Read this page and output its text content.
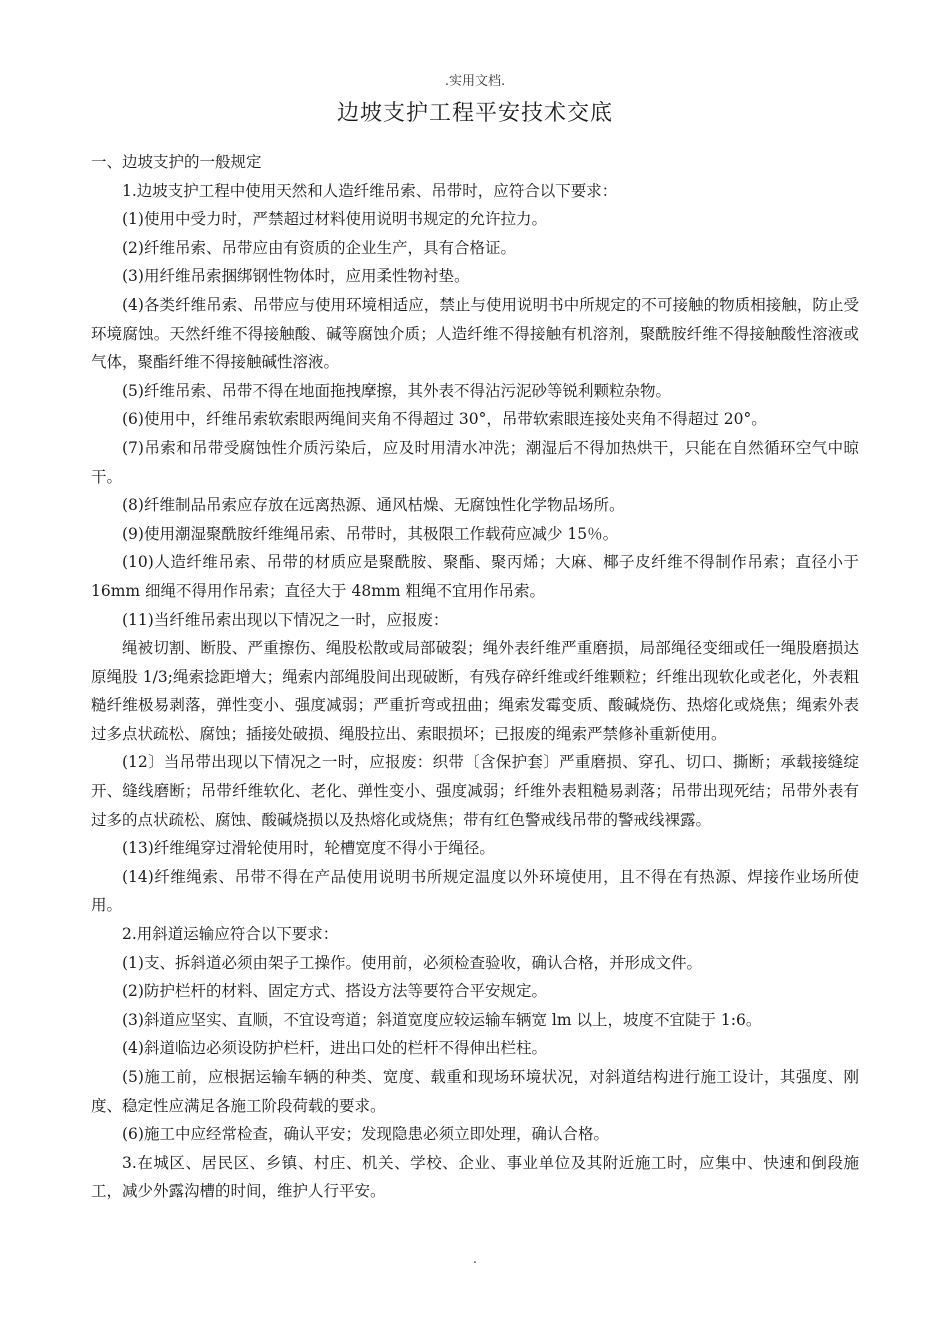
.实用文档.
边坡支护工程平安技术交底

一、边坡支护的一般规定

1.边坡支护工程中使用天然和人造纤维吊索、吊带时，应符合以下要求：

(1)使用中受力时，严禁超过材料使用说明书规定的允许拉力。

(2)纤维吊索、吊带应由有资质的企业生产，具有合格证。

(3)用纤维吊索捆绑钢性物体时，应用柔性物衬垫。

(4)各类纤维吊索、吊带应与使用环境相适应，禁止与使用说明书中所规定的不可接触的物质相接触，防止受环境腐蚀。天然纤维不得接触酸、碱等腐蚀介质；人造纤维不得接触有机溶剂，聚酰胺纤维不得接触酸性溶液或气体，聚酯纤维不得接触碱性溶液。

(5)纤维吊索、吊带不得在地面拖拽摩擦，其外表不得沾污泥砂等锐利颗粒杂物。

(6)使用中，纤维吊索软索眼两绳间夹角不得超过 30°，吊带软索眼连接处夹角不得超过 20°。

(7)吊索和吊带受腐蚀性介质污染后，应及时用清水冲洗；潮湿后不得加热烘干，只能在自然循环空气中晾干。

(8)纤维制品吊索应存放在远离热源、通风枯燥、无腐蚀性化学物品场所。

(9)使用潮湿聚酰胺纤维绳吊索、吊带时，其极限工作载荷应减少 15％。

(10)人造纤维吊索、吊带的材质应是聚酰胺、聚酯、聚丙烯；大麻、椰子皮纤维不得制作吊索；直径小于 16mm 细绳不得用作吊索；直径大于 48mm 粗绳不宜用作吊索。

(11)当纤维吊索出现以下情况之一时，应报废：

绳被切割、断股、严重擦伤、绳股松散或局部破裂；绳外表纤维严重磨损，局部绳径变细或任一绳股磨损达原绳股 1/3;绳索捻距增大；绳索内部绳股间出现破断，有残存碎纤维或纤维颗粒；纤维出现软化或老化，外表粗糙纤维极易剥落，弹性变小、强度减弱；严重折弯或扭曲；绳索发霉变质、酸碱烧伤、热熔化或烧焦；绳索外表过多点状疏松、腐蚀；插接处破损、绳股拉出、索眼损坏；已报废的绳索严禁修补重新使用。

(12〕当吊带出现以下情况之一时，应报废：织带〔含保护套〕严重磨损、穿孔、切口、撕断；承载接缝绽开、缝线磨断；吊带纤维软化、老化、弹性变小、强度减弱；纤维外表粗糙易剥落；吊带出现死结；吊带外表有过多的点状疏松、腐蚀、酸碱烧损以及热熔化或烧焦；带有红色警戒线吊带的警戒线裸露。

(13)纤维绳穿过滑轮使用时，轮槽宽度不得小于绳径。

(14)纤维绳索、吊带不得在产品使用说明书所规定温度以外环境使用，且不得在有热源、焊接作业场所使用。

2.用斜道运输应符合以下要求：

(1)支、拆斜道必须由架子工操作。使用前，必须检查验收，确认合格，并形成文件。

(2)防护栏杆的材料、固定方式、搭设方法等要符合平安规定。

(3)斜道应坚实、直顺，不宜设弯道；斜道宽度应较运输车辆宽 lm 以上，坡度不宜陡于 1:6。

(4)斜道临边必须设防护栏杆，进出口处的栏杆不得伸出栏柱。

(5)施工前，应根据运输车辆的种类、宽度、载重和现场环境状况，对斜道结构进行施工设计，其强度、刚度、稳定性应满足各施工阶段荷载的要求。

(6)施工中应经常检查，确认平安；发现隐患必须立即处理，确认合格。

3.在城区、居民区、乡镇、村庄、机关、学校、企业、事业单位及其附近施工时，应集中、快速和倒段施工，减少外露沟槽的时间，维护人行平安。

.
